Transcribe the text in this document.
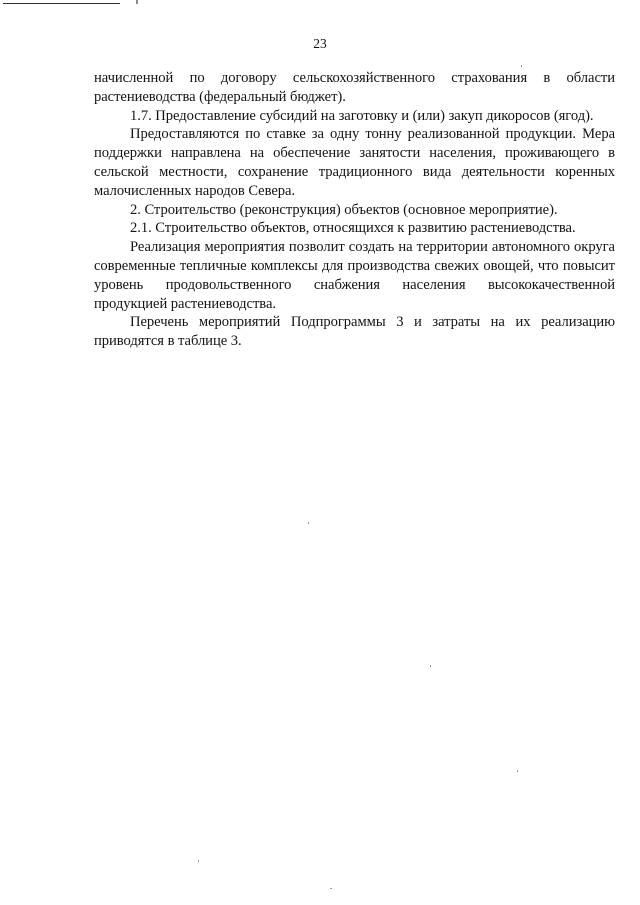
23

начисленной по договору сельскохозяйственного страхования в области растениеводства (федеральный бюджет).

1.7. Предоставление субсидий на заготовку и (или) закуп дикоросов (ягод).

Предоставляются по ставке за одну тонну реализованной продукции. Мера поддержки направлена на обеспечение занятости населения, проживающего в сельской местности, сохранение традиционного вида деятельности коренных малочисленных народов Севера.

2. Строительство (реконструкция) объектов (основное мероприятие).

2.1. Строительство объектов, относящихся к развитию растениеводства.

Реализация мероприятия позволит создать на территории автономного округа современные тепличные комплексы для производства свежих овощей, что повысит уровень продовольственного снабжения населения высококачественной продукцией растениеводства.

Перечень мероприятий Подпрограммы 3 и затраты на их реализацию приводятся в таблице 3.
